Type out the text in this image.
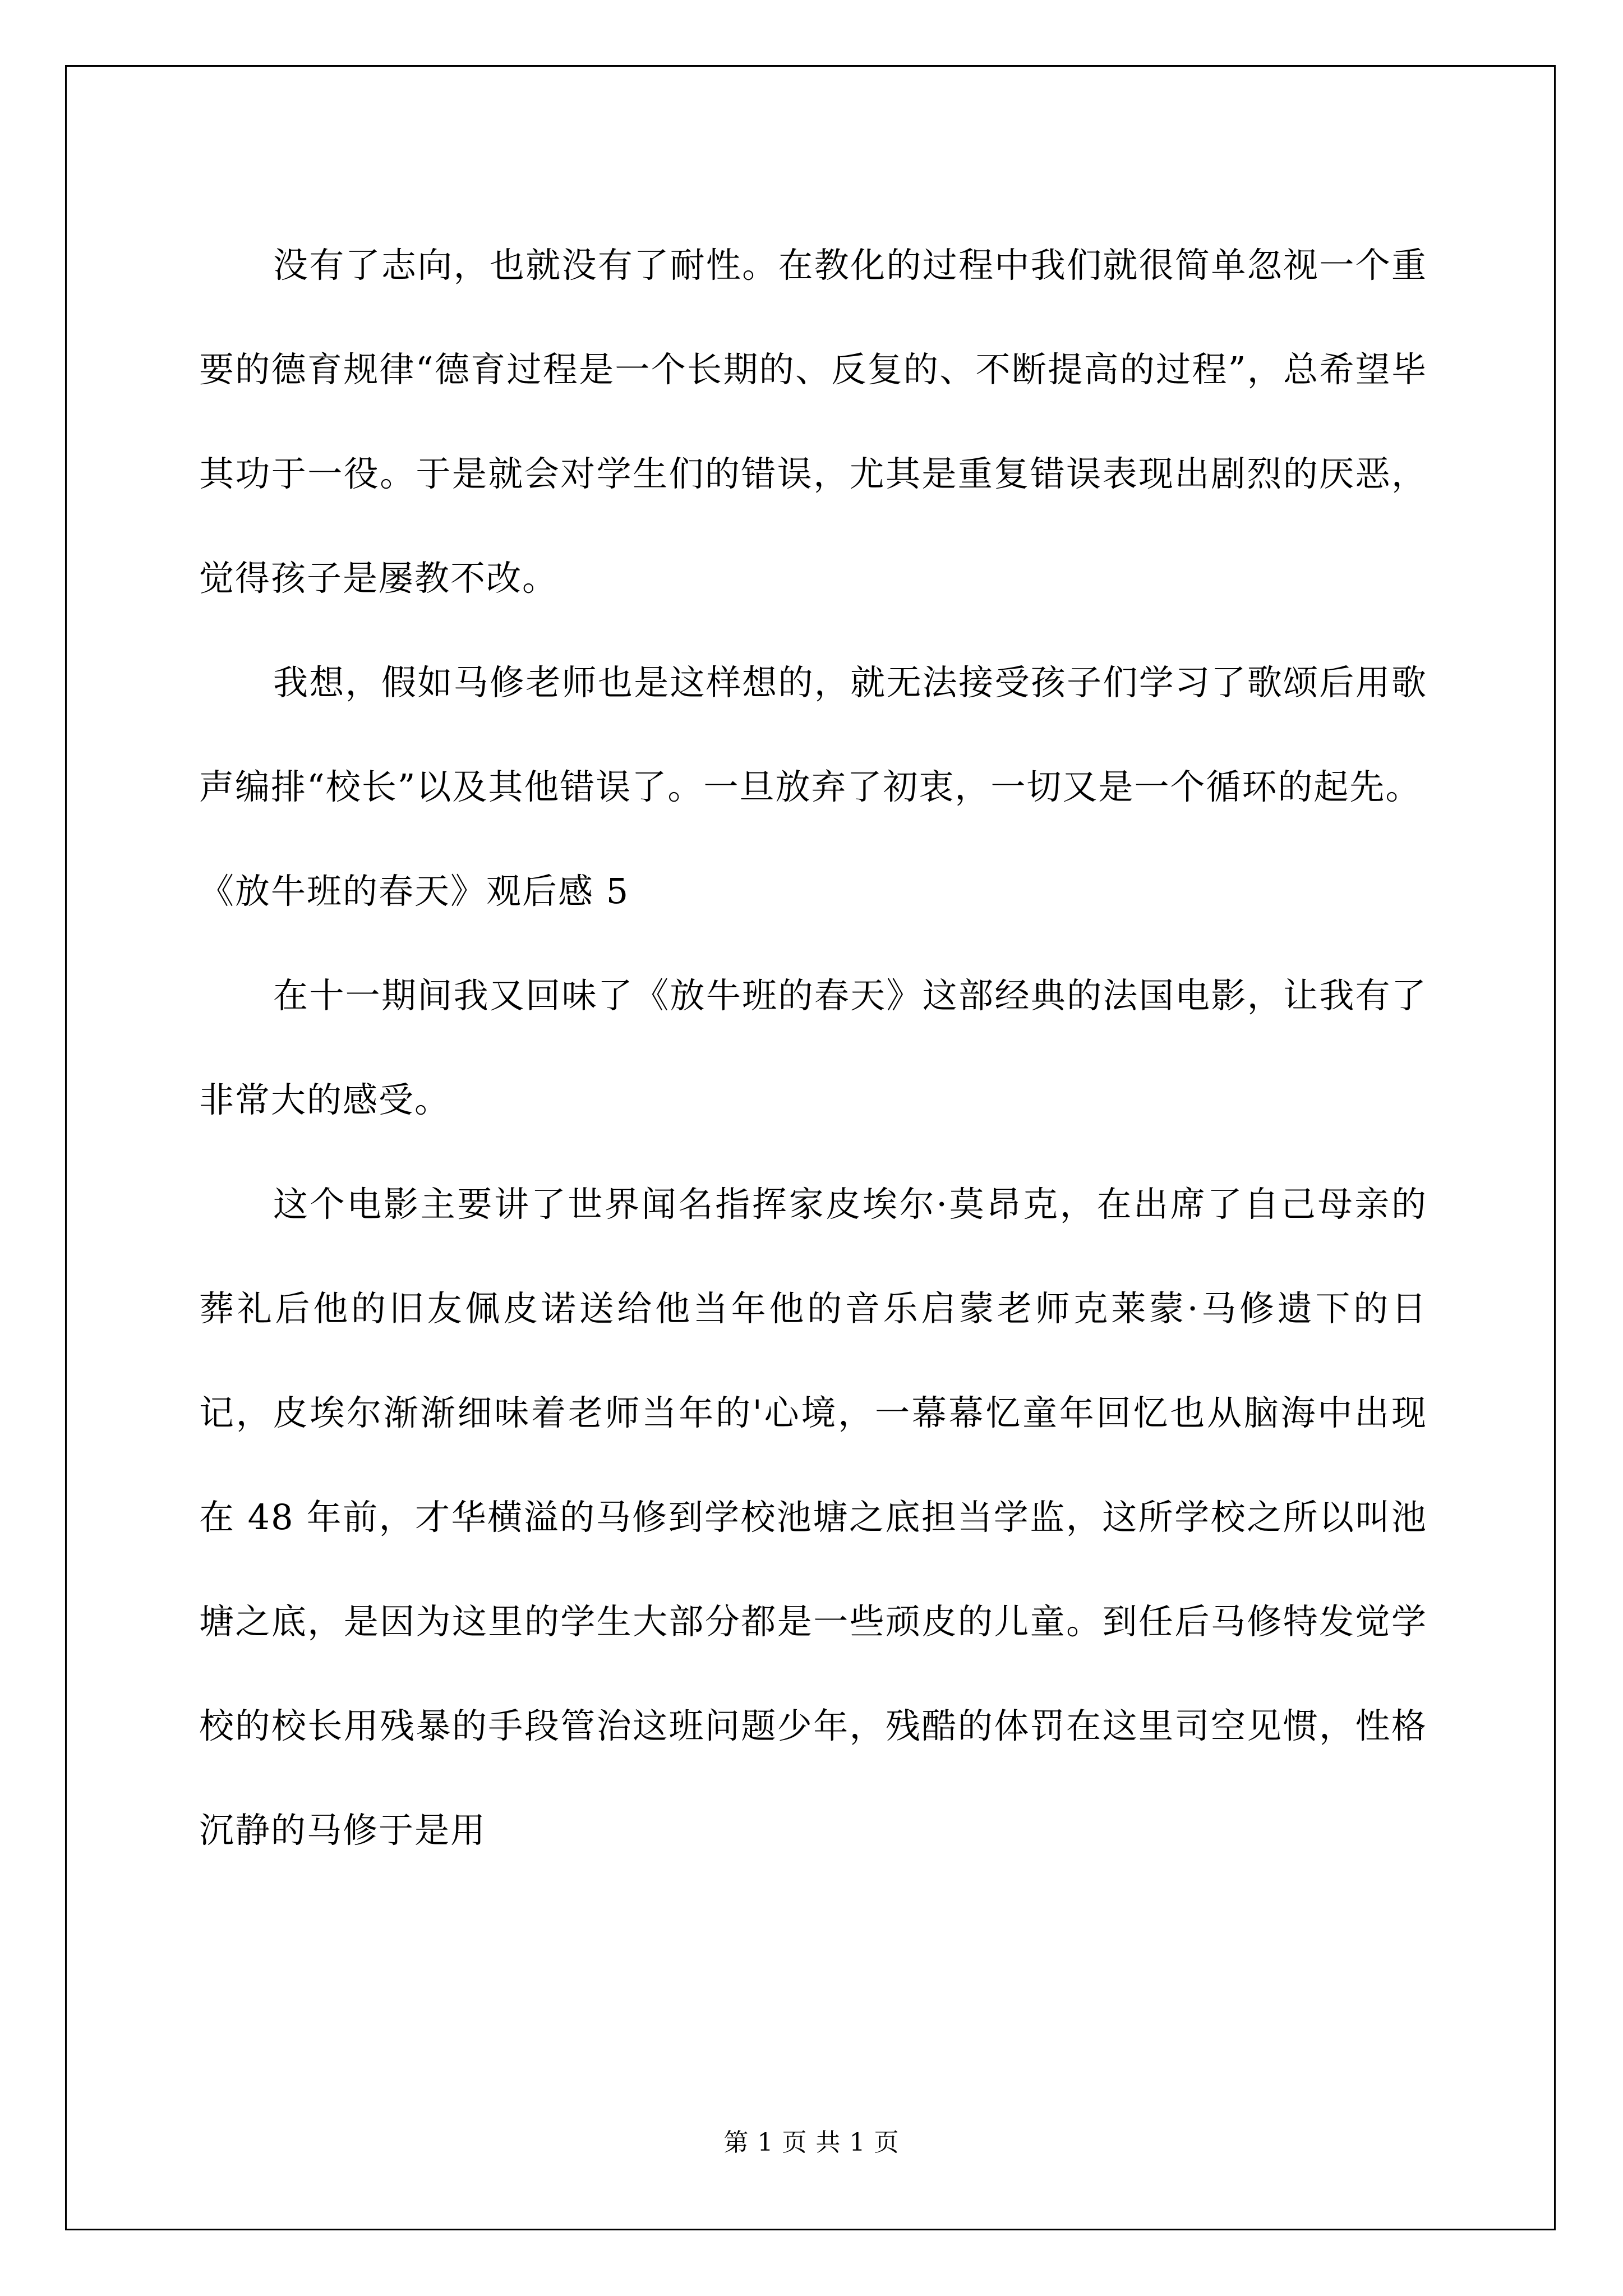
没有了志向，也就没有了耐性。在教化的过程中我们就很简单忽视一个重要的德育规律“德育过程是一个长期的、反复的、不断提高的过程”，总希望毕其功于一役。于是就会对学生们的错误，尤其是重复错误表现出剧烈的厌恶，觉得孩子是屡教不改。

我想，假如马修老师也是这样想的，就无法接受孩子们学习了歌颂后用歌声编排“校长”以及其他错误了。一旦放弃了初衷，一切又是一个循环的起先。

《放牛班的春天》观后感 5

在十一期间我又回味了《放牛班的春天》这部经典的法国电影，让我有了非常大的感受。

这个电影主要讲了世界闻名指挥家皮埃尔·莫昂克，在出席了自己母亲的葬礼后他的旧友佩皮诺送给他当年他的音乐启蒙老师克莱蒙·马修遗下的日记，皮埃尔渐渐细味着老师当年的'心境，一幕幕忆童年回忆也从脑海中出现在 48 年前，才华横溢的马修到学校池塘之底担当学监，这所学校之所以叫池塘之底，是因为这里的学生大部分都是一些顽皮的儿童。到任后马修特发觉学校的校长用残暴的手段管治这班问题少年，残酷的体罚在这里司空见惯，性格沉静的马修于是用

第 1 页 共 1 页
